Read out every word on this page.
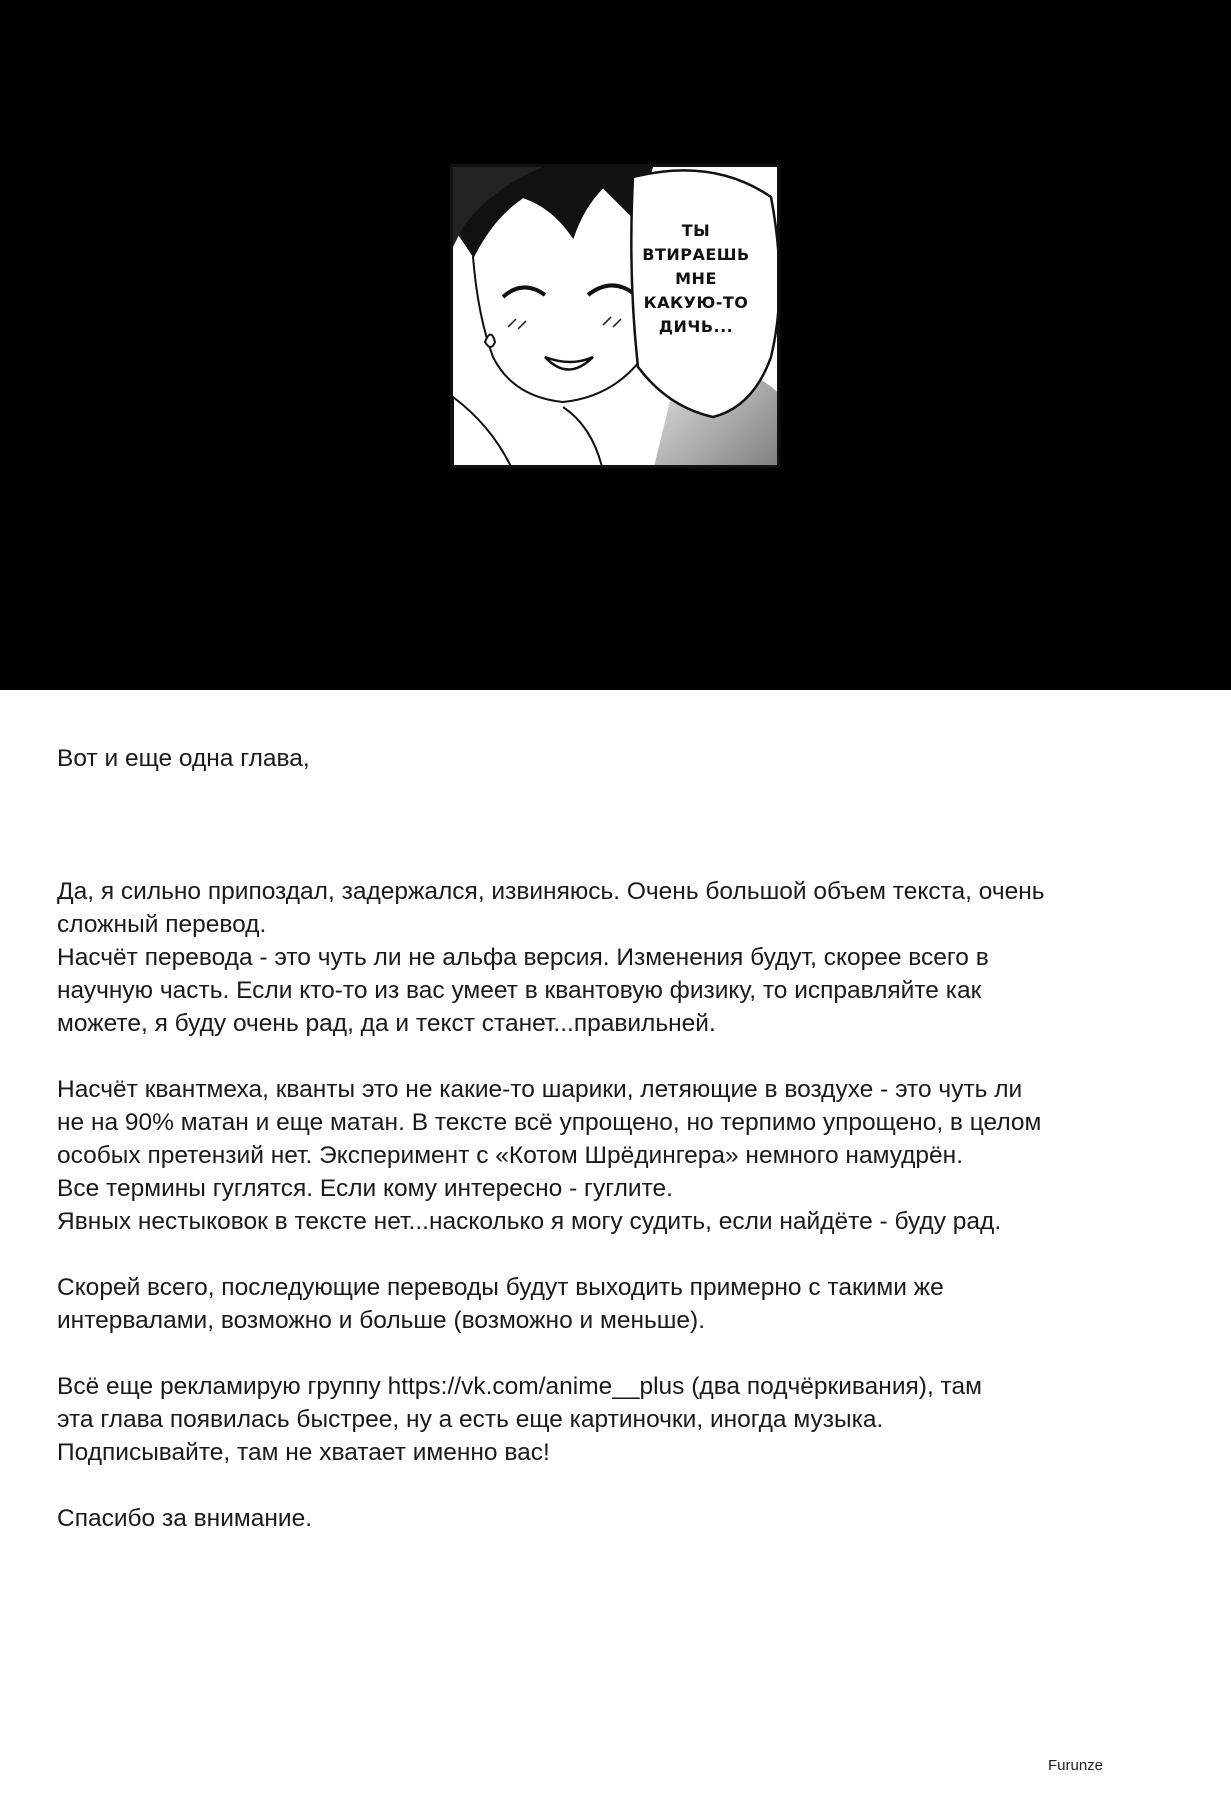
ТЫ
ВТИРАЕШЬ
МНЕ
КАКУЮ-ТО
ДИЧЬ...

Вот и еще одна глава,

Да, я сильно припоздал, задержался, извиняюсь. Очень большой объем текста, очень
сложный перевод.
Насчёт перевода - это чуть ли не альфа версия. Изменения будут, скорее всего в
научную часть. Если кто-то из вас умеет в квантовую физику, то исправляйте как
можете, я буду очень рад, да и текст станет...правильней.

Насчёт квантмеха, кванты это не какие-то шарики, летяющие в воздухе - это чуть ли
не на 90% матан и еще матан. В тексте всё упрощено, но терпимо упрощено, в целом
особых претензий нет. Эксперимент с «Котом Шрёдингера» немного намудрён.
Все термины гуглятся. Если кому интересно - гуглите.
Явных нестыковок в тексте нет...насколько я могу судить, если найдёте - буду рад.

Скорей всего, последующие переводы будут выходить примерно с такими же
интервалами, возможно и больше (возможно и меньше).

Всё еще рекламирую группу https://vk.com/anime__plus (два подчёркивания), там
эта глава появилась быстрее, ну а есть еще картиночки, иногда музыка.
Подписывайте, там не хватает именно вас!

Спасибо за внимание.

Furunze
